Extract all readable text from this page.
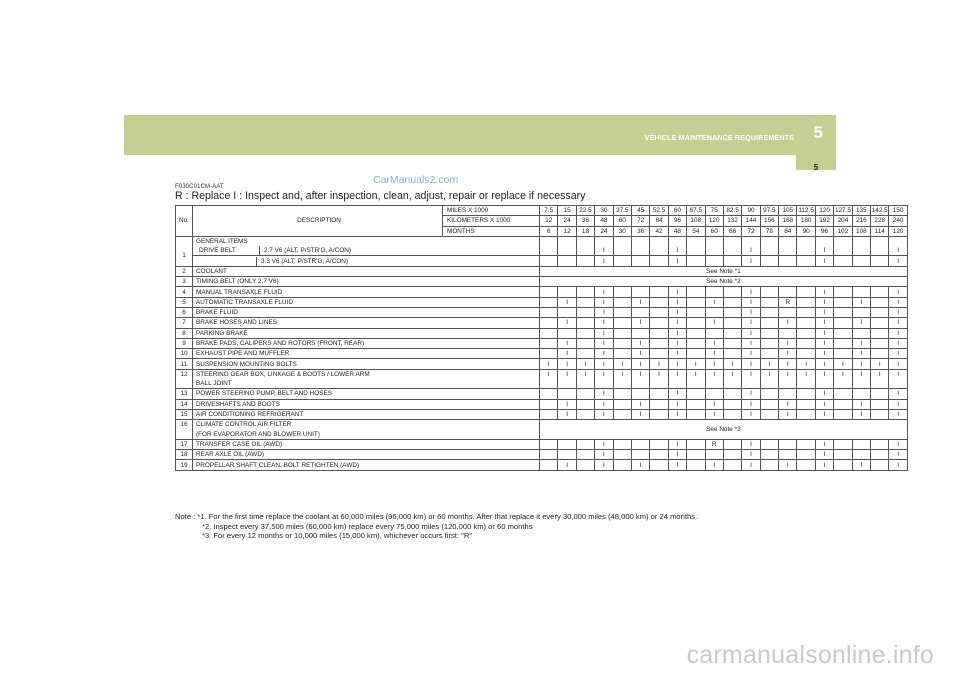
VEHICLE MAINTENANCE REQUIREMENTS 5
5
CarManuals2.com
F030C01CM-AAT
R : Replace I : Inspect and, after inspection, clean, adjust, repair or replace if necessary
No.	DESCRIPTION	MILES X 1000	7.5	15	22.5	30	37.5	45	52.5	60	67.5	75	82.5	90	97.5	105	112.5	120	127.5	135	142.5	150
		KILOMETERS X 1000	12	24	36	48	60	72	84	96	108	120	132	144	156	168	180	192	204	216	228	240
		MONTHS	6	12	18	24	30	36	42	48	54	60	66	72	78	84	90	96	102	108	114	120
	GENERAL ITEMS																					
1	DRIVE BELT 2.7 V6 (ALT, P/STR'G, A/CON)					I				I				I				I				I

	3.3 V6 (ALT, P/STR'G, A/CON)					I				I				I				I				I
2	COOLANT		See Note *1																			
3	TIMING BELT (ONLY 2.7 V6)		See Note *2																			
4	MANUAL TRANSAXLE FLUID					I				I				I				I				I
5	AUTOMATIC TRANSAXLE FLUID			I		I		I		I		I		I		R		I		I		I
6	BRAKE FLUID					I				I				I				I				I
7	BRAKE HOSES AND LINES			I		I		I		I		I		I		I		I		I		I
8	PARKING BRAKE					I				I				I				I				I
9	BRAKE PADS, CALIPERS AND ROTORS (FRONT, REAR)			I		I		I		I		I		I		I		I		I		I
10	EXHAUST PIPE AND MUFFLER			I		I		I		I		I		I		I		I		I		I
11	SUSPENSION MOUNTING BOLTS		I	I	I	I	I	I	I	I	I	I	I	I	I	I	I	I	I	I	I	I
12	STEERING GEAR BOX, LINKAGE & BOOTS / LOWER ARM		I	I	I	I	I	I	I	I	I	I	I	I	I	I	I	I	I	I	I	I
	BALL JOINT																					
13	POWER STEERING PUMP, BELT AND HOSES					I				I				I				I				I
14	DRIVESHAFTS AND BOOTS			I		I		I		I		I		I		I		I		I		I
15	AIR CONDITIONING REFRIGERANT			I		I		I		I		I		I		I		I		I		I
16	CLIMATE CONTROL AIR FILTER		See Note *3																			
	(FOR EVAPORATOR AND BLOWER UNIT)																					
17	TRANSFER CASE OIL (AWD)					I				I		R		I				I				I
18	REAR AXLE OIL (AWD)					I				I				I				I				I
19	PROPELLAR SHAFT CLEAN, BOLT RETIGHTEN (AWD)			I		I		I		I		I		I		I		I		I		I
Note : *1. For the first time replace the coolant at 60,000 miles (96,000 km) or 60 months. After that replace it every 30,000 miles (48,000 km) or 24 months.
*2. Inspect every 37,500 miles (60,000 km) replace every 75,000 miles (120,000 km) or 60 months
*3. For every 12 months or 10,000 miles (15,000 km), whichever occurs first: "R"
carmanualsonline.info
